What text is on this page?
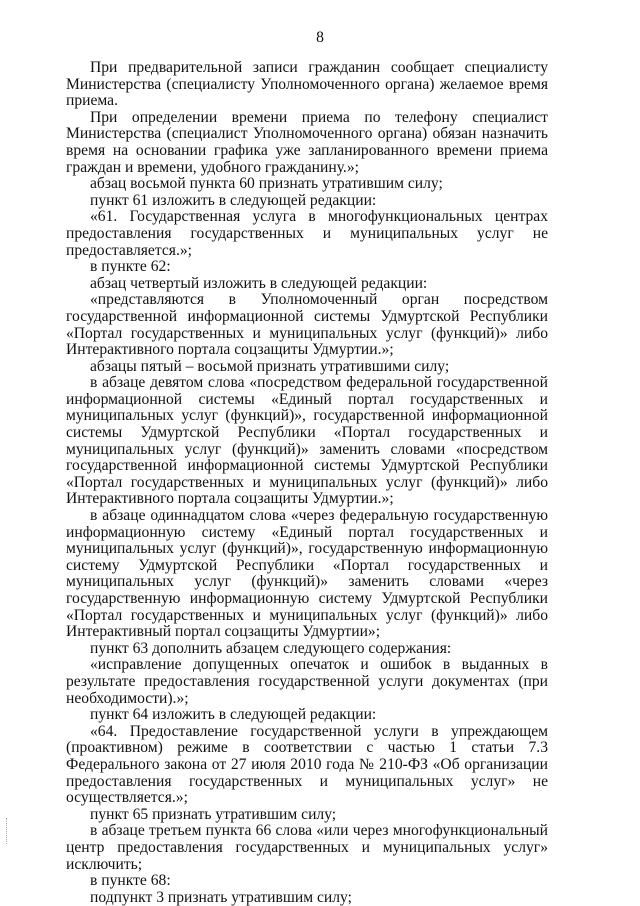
8

При предварительной записи гражданин сообщает специалисту Министерства (специалисту Уполномоченного органа) желаемое время приема.

При определении времени приема по телефону специалист Министерства (специалист Уполномоченного органа) обязан назначить время на основании графика уже запланированного времени приема граждан и времени, удобного гражданину.»;

абзац восьмой пункта 60 признать утратившим силу;

пункт 61 изложить в следующей редакции:

«61. Государственная услуга в многофункциональных центрах предоставления государственных и муниципальных услуг не предоставляется.»;

в пункте 62:

абзац четвертый изложить в следующей редакции:

«представляются в Уполномоченный орган посредством государственной информационной системы Удмуртской Республики «Портал государственных и муниципальных услуг (функций)» либо Интерактивного портала соцзащиты Удмуртии.»;

абзацы пятый – восьмой признать утратившими силу;

в абзаце девятом слова «посредством федеральной государственной информационной системы «Единый портал государственных и муниципальных услуг (функций)», государственной информационной системы Удмуртской Республики «Портал государственных и муниципальных услуг (функций)» заменить словами «посредством государственной информационной системы Удмуртской Республики «Портал государственных и муниципальных услуг (функций)» либо Интерактивного портала соцзащиты Удмуртии.»;

в абзаце одиннадцатом слова «через федеральную государственную информационную систему «Единый портал государственных и муниципальных услуг (функций)», государственную информационную систему Удмуртской Республики «Портал государственных и муниципальных услуг (функций)» заменить словами «через государственную информационную систему Удмуртской Республики «Портал государственных и муниципальных услуг (функций)» либо Интерактивный портал соцзащиты Удмуртии»;

пункт 63 дополнить абзацем следующего содержания:

«исправление допущенных опечаток и ошибок в выданных в результате предоставления государственной услуги документах (при необходимости).»;

пункт 64 изложить в следующей редакции:

«64. Предоставление государственной услуги в упреждающем (проактивном) режиме в соответствии с частью 1 статьи 7.3 Федерального закона от 27 июля 2010 года № 210-ФЗ «Об организации предоставления государственных и муниципальных услуг» не осуществляется.»;

пункт 65 признать утратившим силу;

в абзаце третьем пункта 66 слова «или через многофункциональный центр предоставления государственных и муниципальных услуг» исключить;

в пункте 68:

подпункт 3 признать утратившим силу;
